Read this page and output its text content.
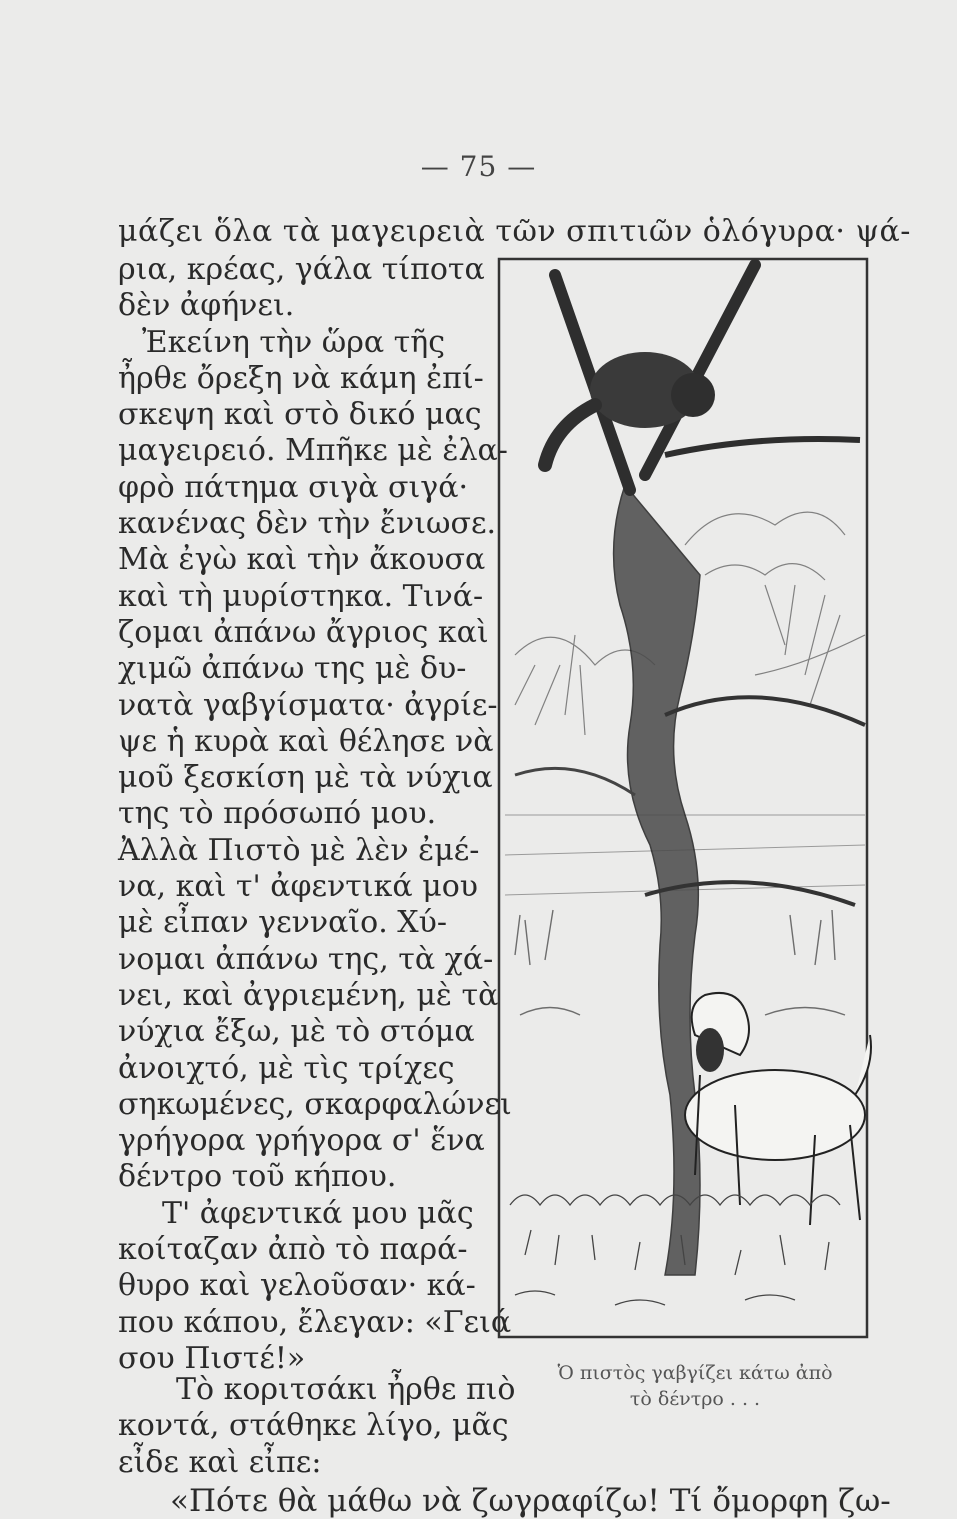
— 75 —
μάζει ὅλα τὰ μαγειρειὰ τῶν σπιτιῶν ὁλόγυρα· ψά-
ρια, κρέας, γάλα τίποτα
δὲν ἀφήνει.
Ἐκείνη τὴν ὥρα τῆς
ἦρθε ὄρεξη νὰ κάμη ἐπί-
σκεψη καὶ στὸ δικό μας
μαγειρειό. Μπῆκε μὲ ἐλα-
φρὸ πάτημα σιγὰ σιγά·
κανένας δὲν τὴν ἔνιωσε.
Μὰ ἐγὼ καὶ τὴν ἄκουσα
καὶ τὴ μυρίστηκα. Τινά-
ζομαι ἀπάνω ἄγριος καὶ
χιμῶ ἀπάνω της μὲ δυ-
νατὰ γαβγίσματα· ἀγρίε-
ψε ἡ κυρὰ καὶ θέλησε νὰ
μοῦ ξεσκίση μὲ τὰ νύχια
της τὸ πρόσωπό μου.
Ἀλλὰ Πιστὸ μὲ λὲν ἐμέ-
να, καὶ τ' ἀφεντικά μου
μὲ εἶπαν γενναῖο. Χύ-
νομαι ἀπάνω της, τὰ χά-
νει, καὶ ἀγριεμένη, μὲ τὰ
νύχια ἔξω, μὲ τὸ στόμα
ἀνοιχτό, μὲ τὶς τρίχες
σηκωμένες, σκαρφαλώνει
γρήγορα γρήγορα σ' ἕνα
δέντρο τοῦ κήπου.
Τ' ἀφεντικά μου μᾶς
κοίταζαν ἀπὸ τὸ παρά-
θυρο καὶ γελοῦσαν· κά-
που κάπου, ἔλεγαν: «Γειά
σου Πιστέ!»	Ὁ πιστὸς γαβγίζει κάτω ἀπὸ
τὸ δέντρο . . .
Τὸ κοριτσάκι ἦρθε πιὸ
κοντά, στάθηκε λίγο, μᾶς
εἶδε καὶ εἶπε:
«Πότε θὰ μάθω νὰ ζωγραφίζω! Τί ὄμορφη ζω-
